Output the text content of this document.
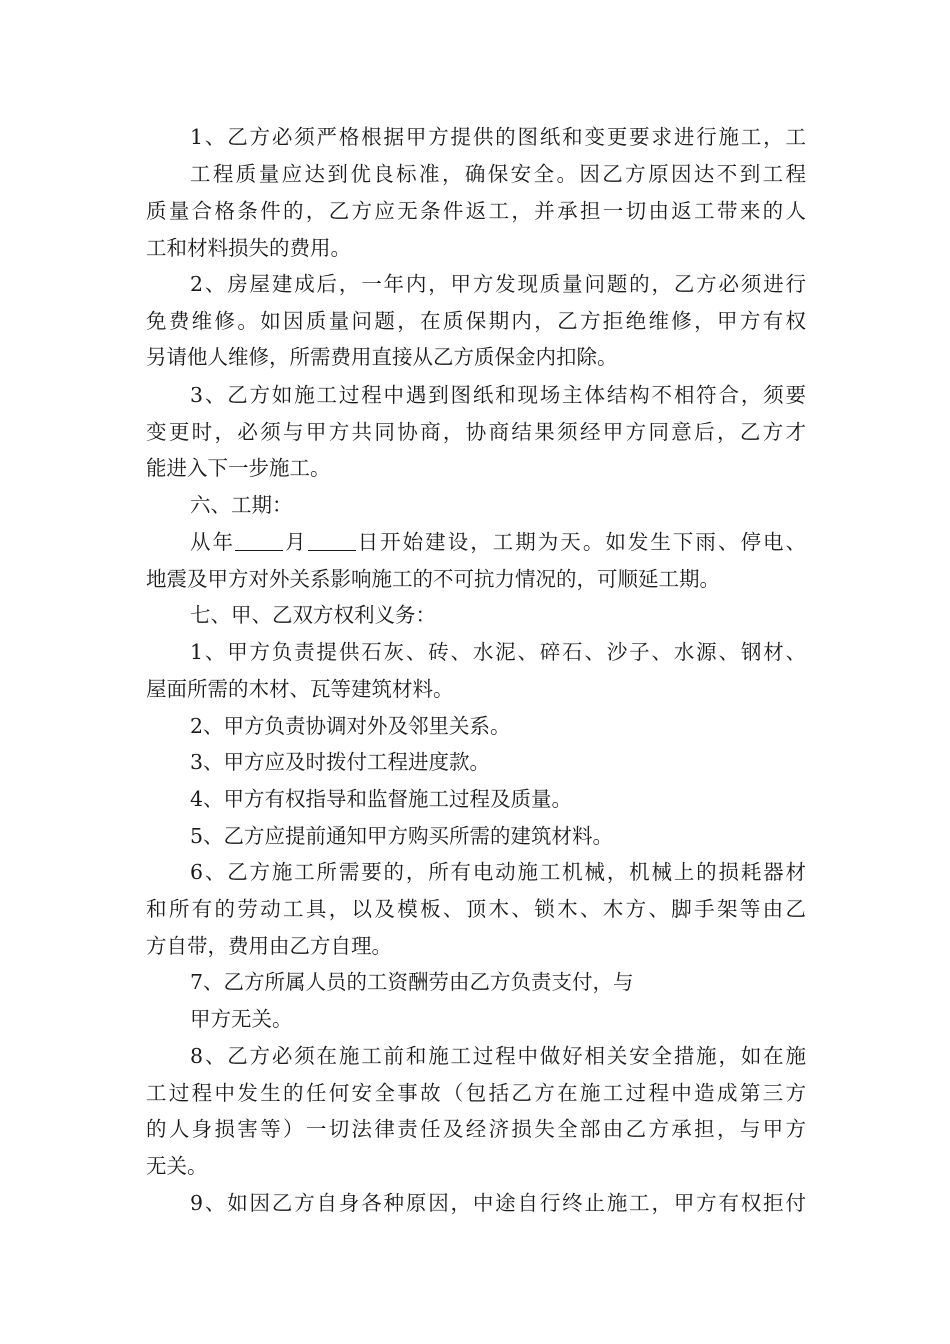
1、乙方必须严格根据甲方提供的图纸和变更要求进行施工，工
工程质量应达到优良标准，确保安全。因乙方原因达不到工程
质量合格条件的，乙方应无条件返工，并承担一切由返工带来的人
工和材料损失的费用。
2、房屋建成后，一年内，甲方发现质量问题的，乙方必须进行
免费维修。如因质量问题，在质保期内，乙方拒绝维修，甲方有权
另请他人维修，所需费用直接从乙方质保金内扣除。
3、乙方如施工过程中遇到图纸和现场主体结构不相符合，须要
变更时，必须与甲方共同协商，协商结果须经甲方同意后，乙方才
能进入下一步施工。
六、工期：
从年 月 日开始建设，工期为天。如发生下雨、停电、
地震及甲方对外关系影响施工的不可抗力情况的，可顺延工期。
七、甲、乙双方权利义务：
1、甲方负责提供石灰、砖、水泥、碎石、沙子、水源、钢材、
屋面所需的木材、瓦等建筑材料。
2、甲方负责协调对外及邻里关系。
3、甲方应及时拨付工程进度款。
4、甲方有权指导和监督施工过程及质量。
5、乙方应提前通知甲方购买所需的建筑材料。
6、乙方施工所需要的，所有电动施工机械，机械上的损耗器材
和所有的劳动工具，以及模板、顶木、锁木、木方、脚手架等由乙
方自带，费用由乙方自理。
7、乙方所属人员的工资酬劳由乙方负责支付，与
甲方无关。
8、乙方必须在施工前和施工过程中做好相关安全措施，如在施
工过程中发生的任何安全事故（包括乙方在施工过程中造成第三方
的人身损害等）一切法律责任及经济损失全部由乙方承担，与甲方
无关。
9、如因乙方自身各种原因，中途自行终止施工，甲方有权拒付
